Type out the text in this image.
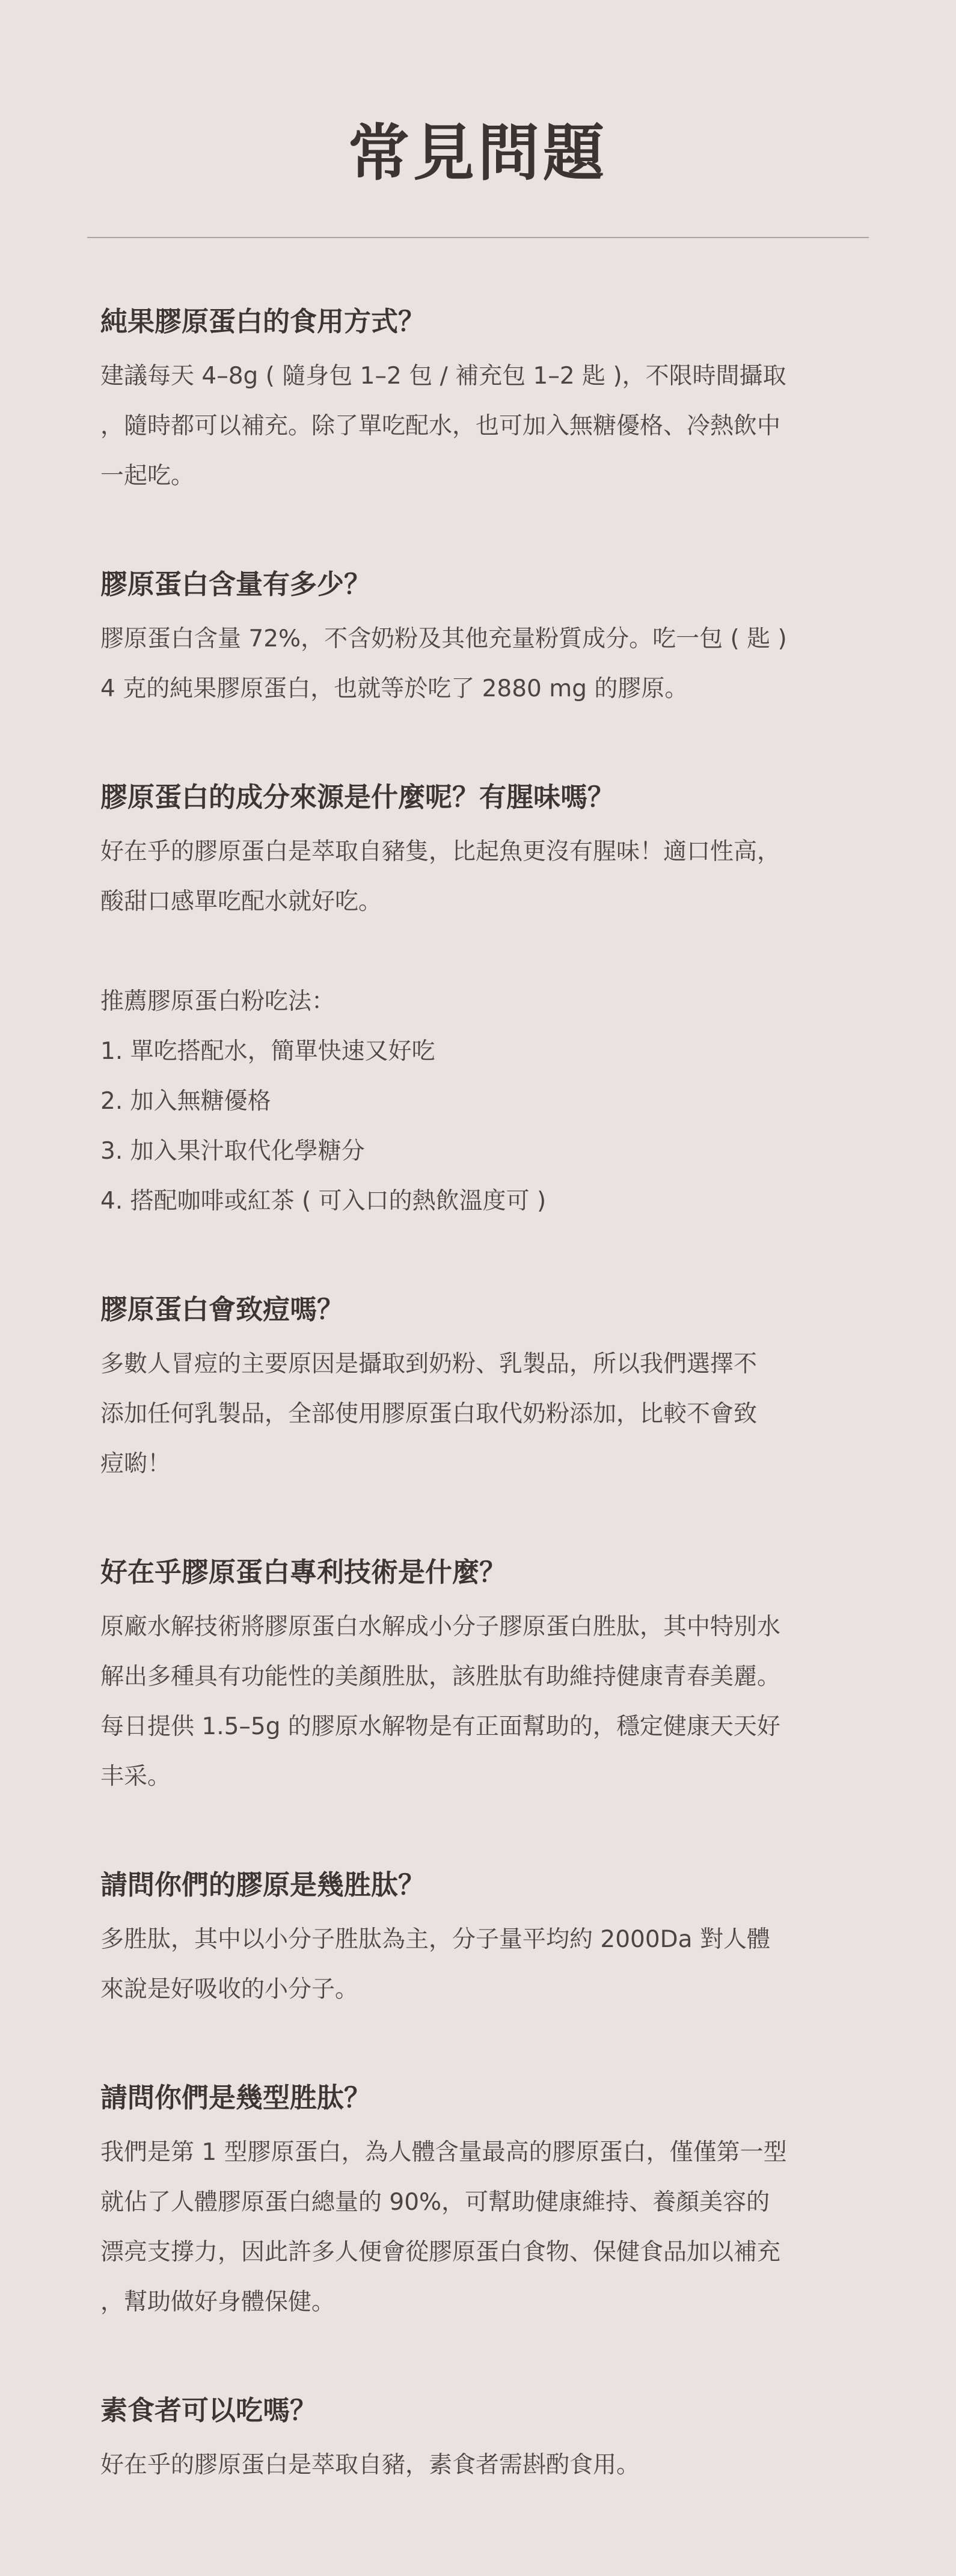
常見問題
純果膠原蛋白的食用方式？

建議每天 4–8g ( 隨身包 1–2 包 / 補充包 1–2 匙 )，不限時間攝取

，隨時都可以補充。除了單吃配水，也可加入無糖優格、冷熱飲中

一起吃。

膠原蛋白含量有多少？

膠原蛋白含量 72%，不含奶粉及其他充量粉質成分。吃一包 ( 匙 )

4 克的純果膠原蛋白，也就等於吃了 2880 mg 的膠原。

膠原蛋白的成分來源是什麼呢？有腥味嗎？

好在乎的膠原蛋白是萃取自豬隻，比起魚更沒有腥味！適口性高，

酸甜口感單吃配水就好吃。

推薦膠原蛋白粉吃法：

1. 單吃搭配水，簡單快速又好吃

2. 加入無糖優格

3. 加入果汁取代化學糖分

4. 搭配咖啡或紅茶 ( 可入口的熱飲溫度可 )

膠原蛋白會致痘嗎？

多數人冒痘的主要原因是攝取到奶粉、乳製品，所以我們選擇不

添加任何乳製品，全部使用膠原蛋白取代奶粉添加，比較不會致

痘喲！

好在乎膠原蛋白專利技術是什麼？

原廠水解技術將膠原蛋白水解成小分子膠原蛋白胜肽，其中特別水

解出多種具有功能性的美顏胜肽，該胜肽有助維持健康青春美麗。

每日提供 1.5–5g 的膠原水解物是有正面幫助的，穩定健康天天好

丰采。

請問你們的膠原是幾胜肽？

多胜肽，其中以小分子胜肽為主，分子量平均約 2000Da 對人體

來說是好吸收的小分子。

請問你們是幾型胜肽？

我們是第 1 型膠原蛋白，為人體含量最高的膠原蛋白，僅僅第一型

就佔了人體膠原蛋白總量的 90%，可幫助健康維持、養顏美容的

漂亮支撐力，因此許多人便會從膠原蛋白食物、保健食品加以補充

，幫助做好身體保健。

素食者可以吃嗎？

好在乎的膠原蛋白是萃取自豬，素食者需斟酌食用。
